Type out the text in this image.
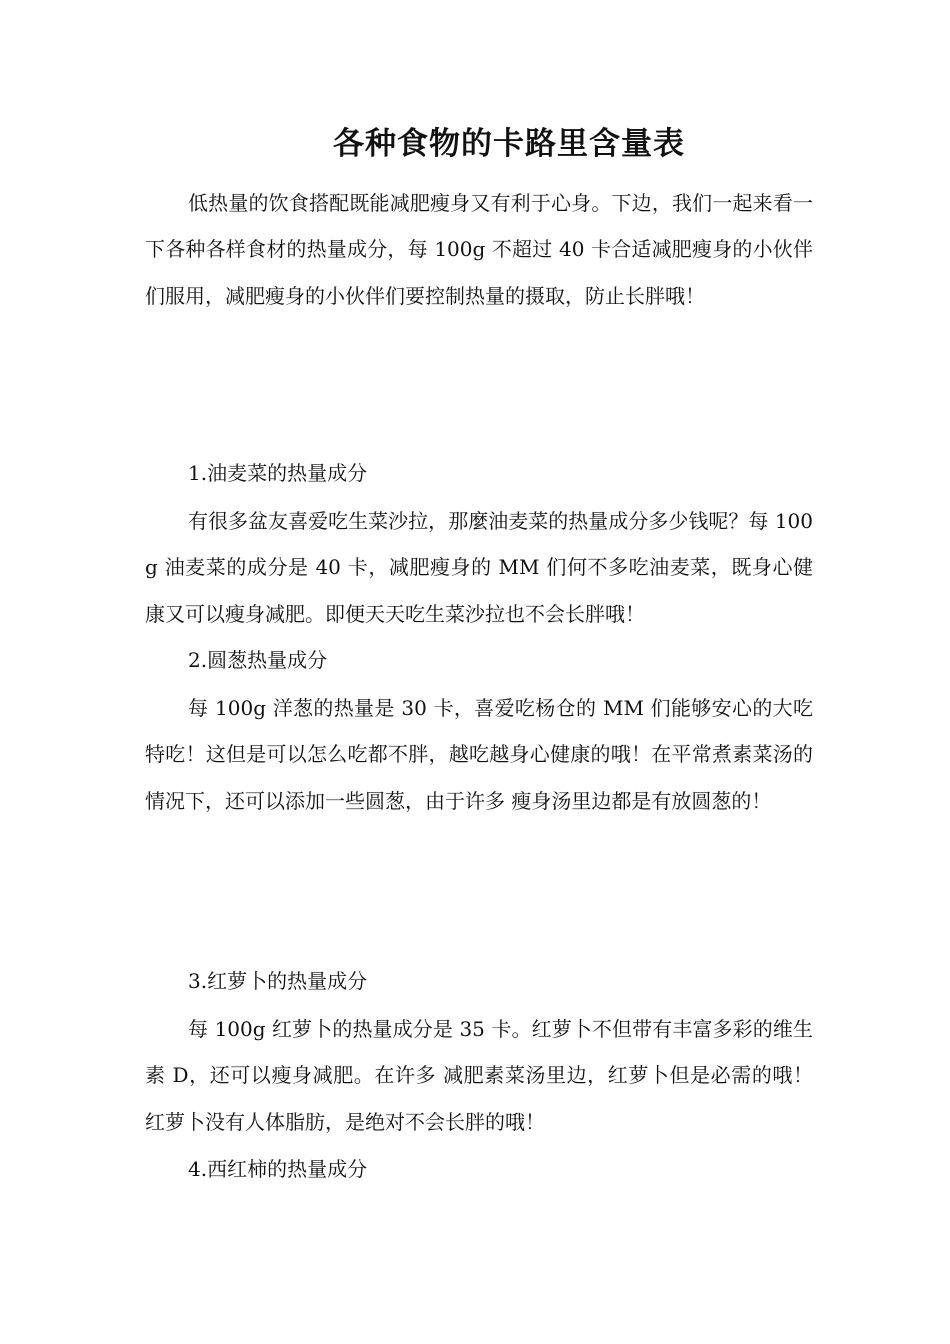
各种食物的卡路里含量表

低热量的饮食搭配既能减肥瘦身又有利于心身。下边，我们一起来看一下各种各样食材的热量成分，每 100g 不超过 40 卡合适减肥瘦身的小伙伴们服用，减肥瘦身的小伙伴们要控制热量的摄取，防止长胖哦！

1.油麦菜的热量成分

有很多盆友喜爱吃生菜沙拉，那麼油麦菜的热量成分多少钱呢？每 100g 油麦菜的成分是 40 卡，减肥瘦身的 MM 们何不多吃油麦菜，既身心健康又可以瘦身减肥。即便天天吃生菜沙拉也不会长胖哦！

2.圆葱热量成分

每 100g 洋葱的热量是 30 卡，喜爱吃杨仓的 MM 们能够安心的大吃特吃！这但是可以怎么吃都不胖，越吃越身心健康的哦！在平常煮素菜汤的情况下，还可以添加一些圆葱，由于许多 瘦身汤里边都是有放圆葱的！

3.红萝卜的热量成分

每 100g 红萝卜的热量成分是 35 卡。红萝卜不但带有丰富多彩的维生素 D，还可以瘦身减肥。在许多 减肥素菜汤里边，红萝卜但是必需的哦！红萝卜没有人体脂肪，是绝对不会长胖的哦！

4.西红柿的热量成分
